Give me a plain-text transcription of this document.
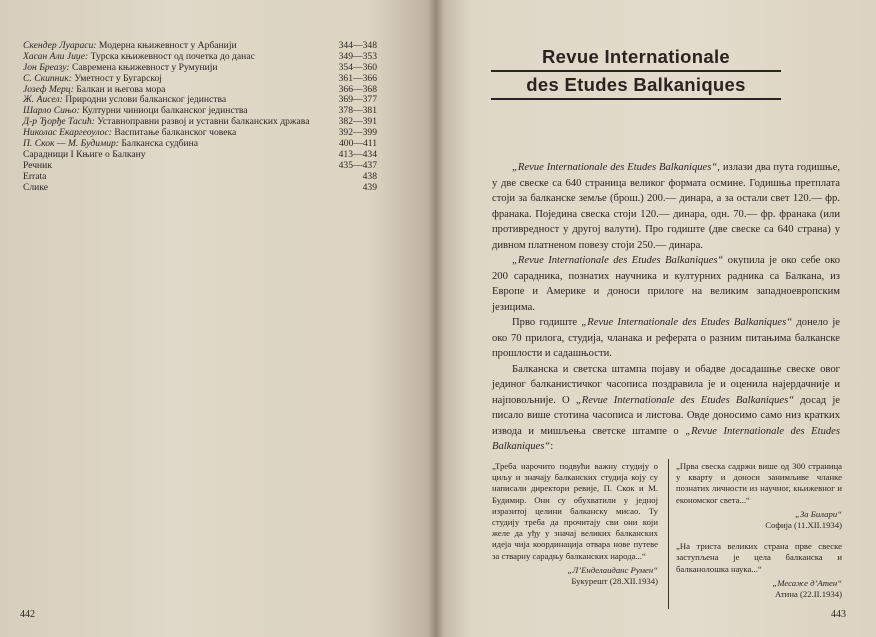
Скендер Луараси: Модерна књижевност у Арбанији	344—348
Хасан Али Јиџе: Турска књижевност од почетка до данас	349—353
Јон Бреазу: Савремена књижевност у Румунији	354—360
С. Скипник: Уметност у Бугарској	361—366
Јозеф Мерц: Балкан и његова мора	366—368
Ж. Аисел: Природни услови балканског јединства	369—377
Шарло Сињо: Културни чиниоци балканског јединства	378—381
Д-р Ђорђе Тасић: Уставноправни развој и уставни балканских држава	382—391
Николас Екаргеоулос: Васпитање балканског човека	392—399
П. Скок — М. Будимир: Балканска судбина	400—411
Сарадници I Књиге о Балкану	413—434
Речник	435—437
Errata	438
Слике	439
442
Revue Internationale
des Etudes Balkaniques

„Revue Internationale des Etudes Balkaniques“, излази два пута годишње, у две свеске са 640 страница великог формата осмине. Годишња претплата стоји за балканске земље (брош.) 200.— динара, а за остали свет 120.— фр. франака. Појединa свеска стоји 120.— динара, одн. 70.— фр. франака (или противредност у другој валути). Про годиште (две свеске са 640 страна) у дивном платненом повезу стоји 250.— динара.

„Revue Internationale des Etudes Balkaniques“ окупила је око себе око 200 сарадника, познатих научника и културних радника са Балкана, из Европе и Америке и доноси прилоге на великим западноевропским језицима.

Прво годиште „Revue Internationale des Etudes Balkaniques“ донело је око 70 прилога, студија, чланака и реферата о разним питањима балканске прошлости и садашњости.

Балканска и светска штампа појаву и обадве досадашње свеске овог јединог балканистичког часописа поздравила је и оценила најердачније и најповољније. О „Revue Internationale des Etudes Balkaniques“ досад је писало више стотина часописа и листова. Овде доносимо само низ кратких извода и мишљења светске штампе о „Revue Internationale des Etudes Balkaniques“:

„Треба нарочито подвући важну студију о циљу и значају балканских студија коју су написали директори ревије, П. Скок и М. Будимир. Они су обухватили у једној изразитој целини балканску мисао. Ту студију треба да прочитају сви они који желе да уђу у значај великих балканских идеја чија координација отвара нове путеве за стварну сарадњу балканских народа...“

„Л’Енделаиданс Румен“

Букурешт (28.XII.1934)

„Прва свеска садржи више од 300 страница у кварту и доноси занимљиве чланке познатих личности из научног, књижевног и економског света...“

„За Билари“

Софија (11.XII.1934)

„На триста великих страна прве свеске заступљена је цела балканска и балканолошка наука...“

„Месаже д’Атен“

Атина (22.II.1934)

443
